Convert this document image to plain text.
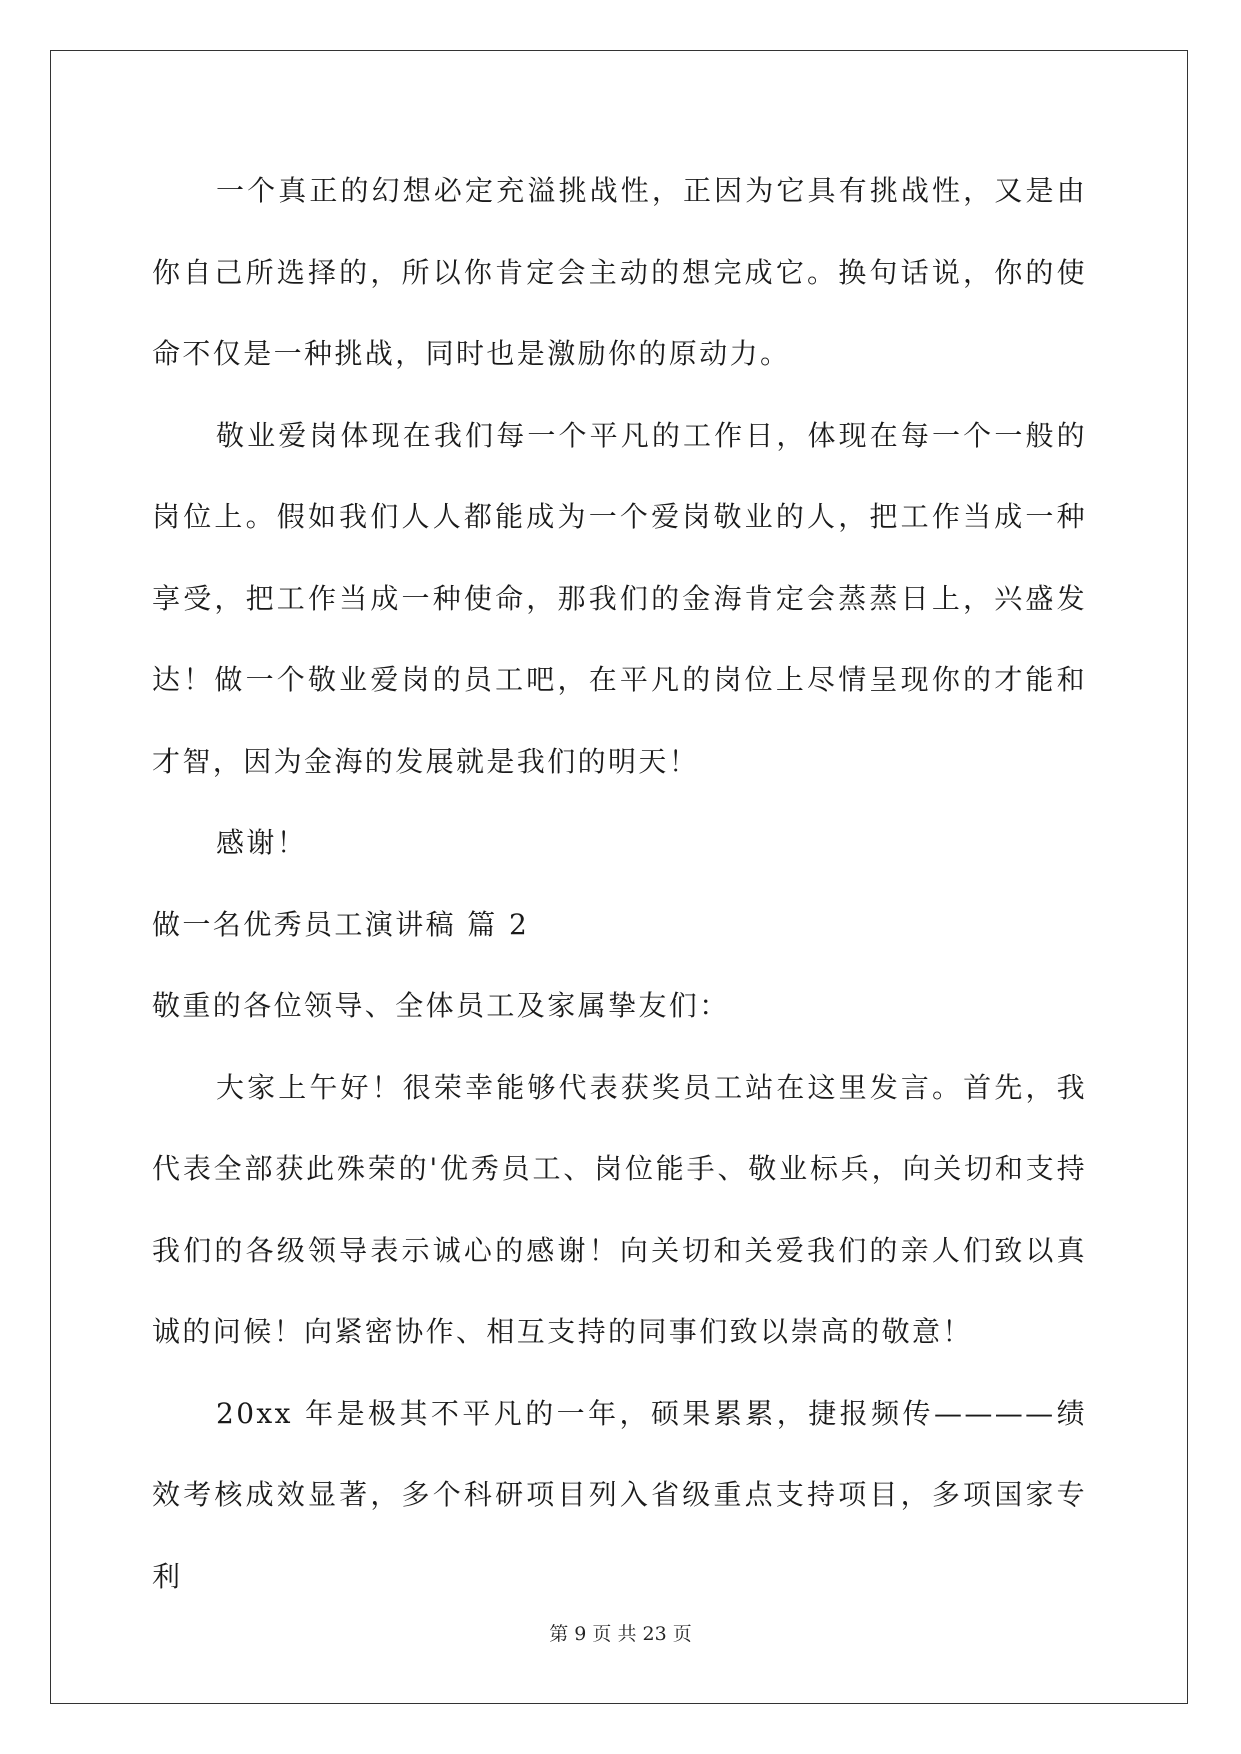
一个真正的幻想必定充溢挑战性，正因为它具有挑战性，又是由你自己所选择的，所以你肯定会主动的想完成它。换句话说，你的使命不仅是一种挑战，同时也是激励你的原动力。

敬业爱岗体现在我们每一个平凡的工作日，体现在每一个一般的岗位上。假如我们人人都能成为一个爱岗敬业的人，把工作当成一种享受，把工作当成一种使命，那我们的金海肯定会蒸蒸日上，兴盛发达！做一个敬业爱岗的员工吧，在平凡的岗位上尽情呈现你的才能和才智，因为金海的发展就是我们的明天！

感谢！

做一名优秀员工演讲稿 篇 2

敬重的各位领导、全体员工及家属挚友们：

大家上午好！很荣幸能够代表获奖员工站在这里发言。首先，我代表全部获此殊荣的'优秀员工、岗位能手、敬业标兵，向关切和支持我们的各级领导表示诚心的感谢！向关切和关爱我们的亲人们致以真诚的问候！向紧密协作、相互支持的同事们致以崇高的敬意！

20xx 年是极其不平凡的一年，硕果累累，捷报频传————绩效考核成效显著，多个科研项目列入省级重点支持项目，多项国家专利

第 9 页 共 23 页
